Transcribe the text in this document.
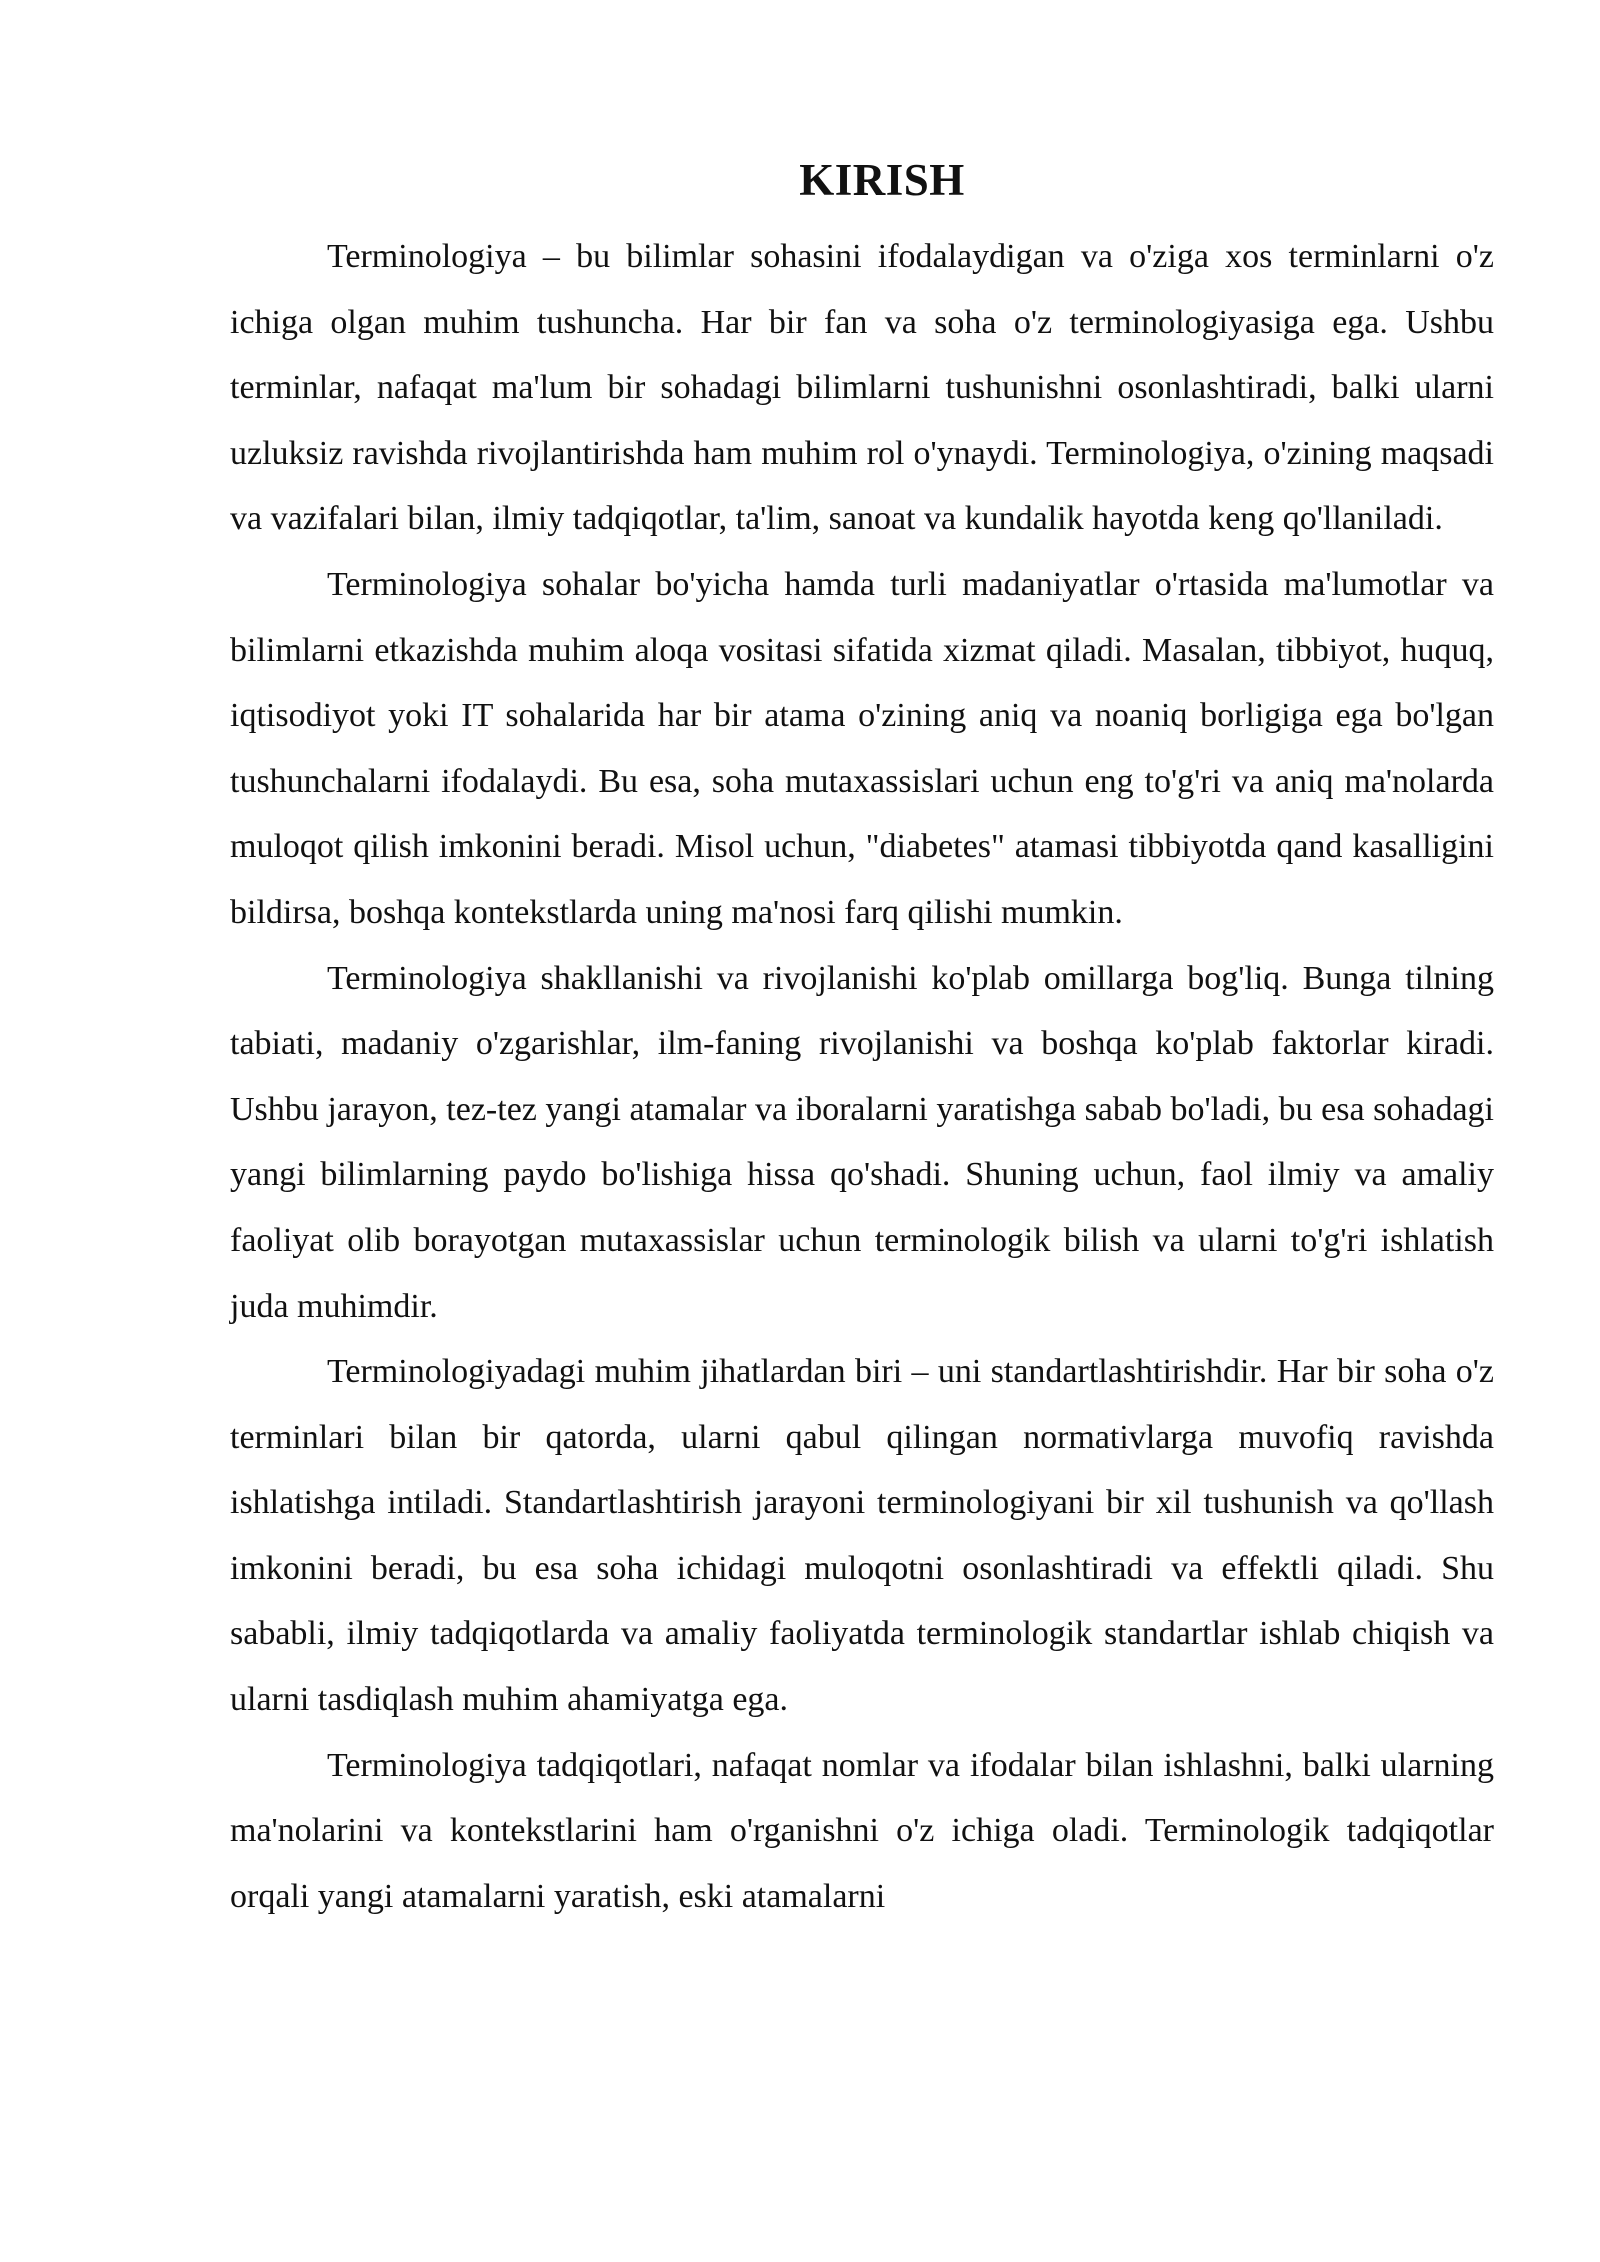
KIRISH

Terminologiya – bu bilimlar sohasini ifodalaydigan va o'ziga xos terminlarni o'z ichiga olgan muhim tushuncha. Har bir fan va soha o'z terminologiyasiga ega. Ushbu terminlar, nafaqat ma'lum bir sohadagi bilimlarni tushunishni osonlashtiradi, balki ularni uzluksiz ravishda rivojlantirishda ham muhim rol o'ynaydi. Terminologiya, o'zining maqsadi va vazifalari bilan, ilmiy tadqiqotlar, ta'lim, sanoat va kundalik hayotda keng qo'llaniladi.

Terminologiya sohalar bo'yicha hamda turli madaniyatlar o'rtasida ma'lumotlar va bilimlarni etkazishda muhim aloqa vositasi sifatida xizmat qiladi. Masalan, tibbiyot, huquq, iqtisodiyot yoki IT sohalarida har bir atama o'zining aniq va noaniq borligiga ega bo'lgan tushunchalarni ifodalaydi. Bu esa, soha mutaxassislari uchun eng to'g'ri va aniq ma'nolarda muloqot qilish imkonini beradi. Misol uchun, "diabetes" atamasi tibbiyotda qand kasalligini bildirsa, boshqa kontekstlarda uning ma'nosi farq qilishi mumkin.

Terminologiya shakllanishi va rivojlanishi ko'plab omillarga bog'liq. Bunga tilning tabiati, madaniy o'zgarishlar, ilm-faning rivojlanishi va boshqa ko'plab faktorlar kiradi. Ushbu jarayon, tez-tez yangi atamalar va iboralarni yaratishga sabab bo'ladi, bu esa sohadagi yangi bilimlarning paydo bo'lishiga hissa qo'shadi. Shuning uchun, faol ilmiy va amaliy faoliyat olib borayotgan mutaxassislar uchun terminologik bilish va ularni to'g'ri ishlatish juda muhimdir.

Terminologiyadagi muhim jihatlardan biri – uni standartlashtirishdir. Har bir soha o'z terminlari bilan bir qatorda, ularni qabul qilingan normativlarga muvofiq ravishda ishlatishga intiladi. Standartlashtirish jarayoni terminologiyani bir xil tushunish va qo'llash imkonini beradi, bu esa soha ichidagi muloqotni osonlashtiradi va effektli qiladi. Shu sababli, ilmiy tadqiqotlarda va amaliy faoliyatda terminologik standartlar ishlab chiqish va ularni tasdiqlash muhim ahamiyatga ega.

Terminologiya tadqiqotlari, nafaqat nomlar va ifodalar bilan ishlashni, balki ularning ma'nolarini va kontekstlarini ham o'rganishni o'z ichiga oladi. Terminologik tadqiqotlar orqali yangi atamalarni yaratish, eski atamalarni
